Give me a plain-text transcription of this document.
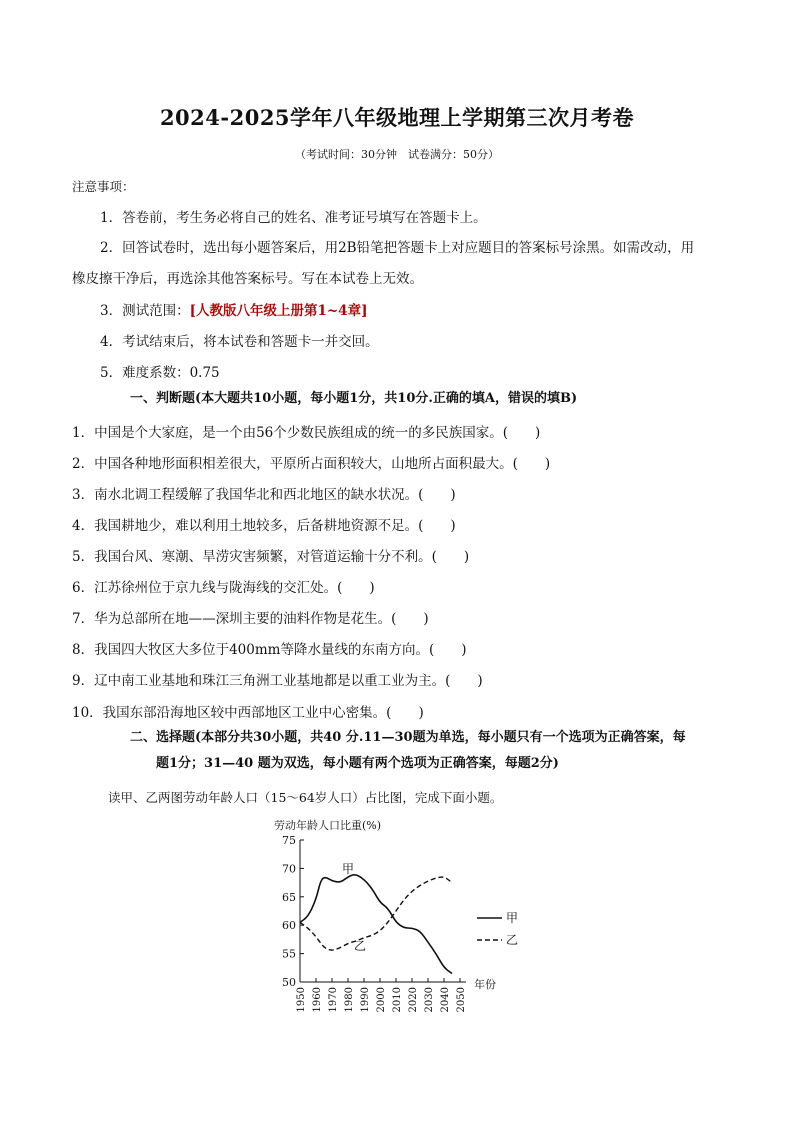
2024-2025学年八年级地理上学期第三次月考卷
（考试时间：30分钟　试卷满分：50分）
注意事项：
1．答卷前，考生务必将自己的姓名、准考证号填写在答题卡上。
2．回答试卷时，选出每小题答案后，用2B铅笔把答题卡上对应题目的答案标号涂黑。如需改动，用
橡皮擦干净后，再选涂其他答案标号。写在本试卷上无效。
3．测试范围：[人教版八年级上册第1~4章]
4．考试结束后，将本试卷和答题卡一并交回。
5．难度系数：0.75
一、判断题(本大题共10小题，每小题1分，共10分.正确的填A，错误的填B)
1．中国是个大家庭，是一个由56个少数民族组成的统一的多民族国家。(　　)
2．中国各种地形面积相差很大，平原所占面积较大，山地所占面积最大。(　　)
3．南水北调工程缓解了我国华北和西北地区的缺水状况。(　　)
4．我国耕地少，难以利用土地较多，后备耕地资源不足。(　　)
5．我国台风、寒潮、旱涝灾害频繁，对管道运输十分不利。(　　)
6．江苏徐州位于京九线与陇海线的交汇处。(　　)
7．华为总部所在地——深圳主要的油料作物是花生。(　　)
8．我国四大牧区大多位于400mm等降水量线的东南方向。(　　)
9．辽中南工业基地和珠江三角洲工业基地都是以重工业为主。(　　)
10．我国东部沿海地区较中西部地区工业中心密集。(　　)
二、选择题(本部分共30小题，共40 分.11—30题为单选，每小题只有一个选项为正确答案，每
题1分；31—40 题为双选，每小题有两个选项为正确答案，每题2分)
读甲、乙两图劳动年龄人口（15～64岁人口）占比图，完成下面小题。
劳动年龄人口比重(%)
50
55
60
65
70
75
1950 1960 1970 1980 1990 2000 2010 2020 2030 2040 2050
甲
乙
甲
乙
年份
